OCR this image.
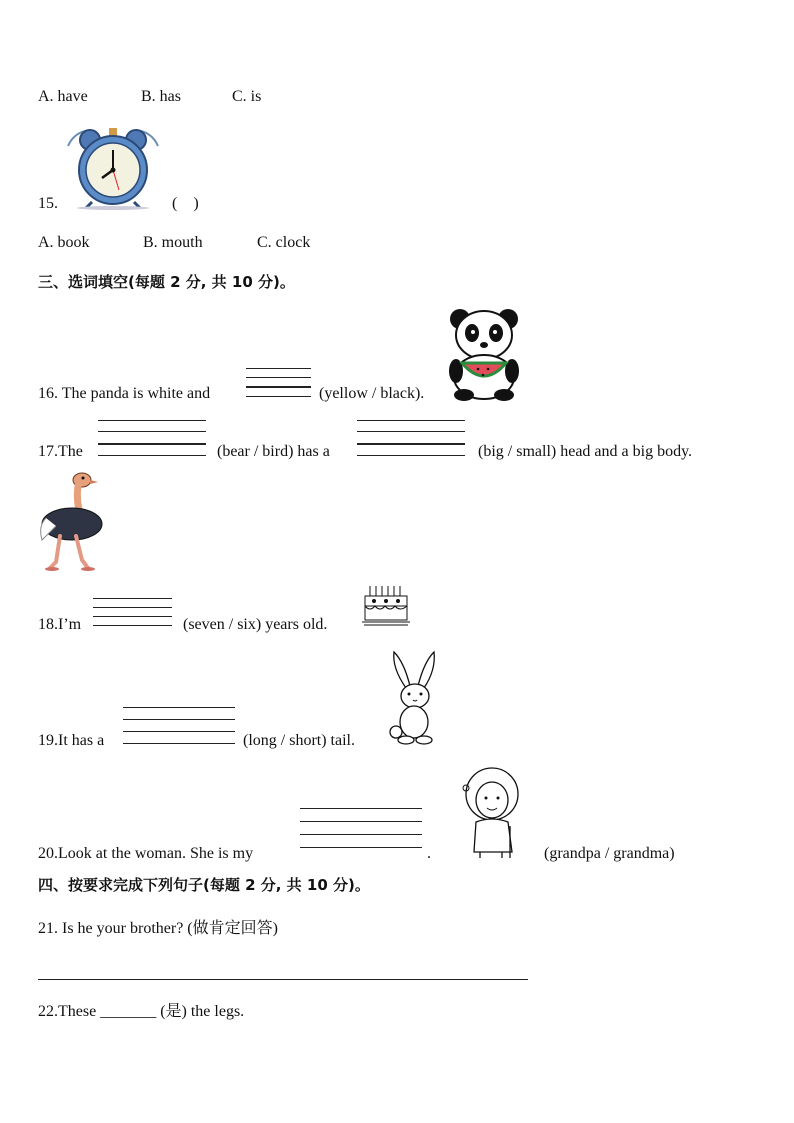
A. have	B. has	C. is
15.	(　)
A. book	B. mouth	C. clock
三、选词填空(每题 2 分, 共 10 分)。
16. The panda is white and	(yellow / black).
17.The	(bear / bird) has a	(big / small) head and a big body.
18.I’m	(seven / six) years old.
19.It has a	(long / short) tail.
20.Look at the woman. She is my	.	(grandpa / grandma)
四、按要求完成下列句子(每题 2 分, 共 10 分)。
21. Is he your brother? (做肯定回答)
22.These _______ (是) the legs.
